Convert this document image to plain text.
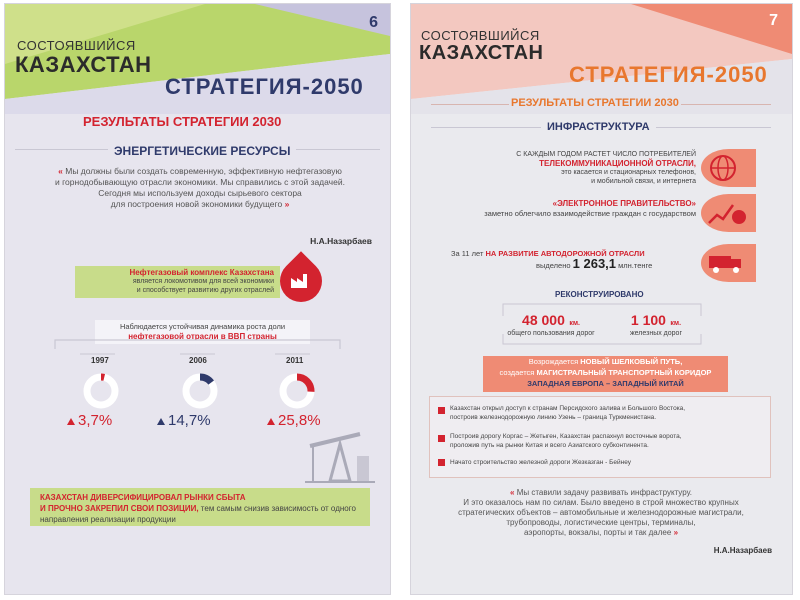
6
СОСТОЯВШИЙСЯ
КАЗАХСТАН
СТРАТЕГИЯ-2050
РЕЗУЛЬТАТЫ СТРАТЕГИИ 2030
ЭНЕРГЕТИЧЕСКИЕ РЕСУРСЫ
« Мы должны были создать современную, эффективную нефтегазовую
и горнодобывающую отрасли экономики. Мы справились с этой задачей.
Сегодня мы используем доходы сырьевого сектора
для построения новой экономики будущего »
Н.А.Назарбаев
Нефтегазовый комплекс Казахстана
является локомотивом для всей экономики
и способствует развитию других отраслей
Наблюдается устойчивая динамика роста доли
нефтегазовой отрасли в ВВП страны
1997	2006	2011
3,7%	14,7%	25,8%
КАЗАХСТАН ДИВЕРСИФИЦИРОВАЛ РЫНКИ СБЫТА
И ПРОЧНО ЗАКРЕПИЛ СВОИ ПОЗИЦИИ, тем самым снизив зависимость от одного
направления реализации продукции
7
СОСТОЯВШИЙСЯ
КАЗАХСТАН
СТРАТЕГИЯ-2050
РЕЗУЛЬТАТЫ СТРАТЕГИИ 2030
ИНФРАСТРУКТУРА
С КАЖДЫМ ГОДОМ РАСТЕТ ЧИСЛО ПОТРЕБИТЕЛЕЙ
ТЕЛЕКОММУНИКАЦИОННОЙ ОТРАСЛИ,
это касается и стационарных телефонов,
и мобильной связи, и интернета
«ЭЛЕКТРОННОЕ ПРАВИТЕЛЬСТВО»
заметно облегчило взаимодействие граждан с государством
За 11 лет НА РАЗВИТИЕ АВТОДОРОЖНОЙ ОТРАСЛИ
выделено 1 263,1 млн.тенге
РЕКОНСТРУИРОВАНО
48 000 км.
общего пользования дорог
1 100 км.
железных дорог
Возрождается НОВЫЙ ШЕЛКОВЫЙ ПУТЬ,
создается МАГИСТРАЛЬНЫЙ ТРАНСПОРТНЫЙ КОРИДОР
ЗАПАДНАЯ ЕВРОПА – ЗАПАДНЫЙ КИТАЙ
Казахстан открыл доступ к странам Персидского залива и Большого Востока,
построив железнодорожную линию Узень – граница Туркменистана.
Построив дорогу Коргас – Жетыген, Казахстан распахнул восточные ворота,
проложив путь на рынки Китая и всего Азиатского субконтинента.
Начато строительство железной дороги Жезказган - Бейнеу
« Мы ставили задачу развивать инфраструктуру.
И это оказалось нам по силам. Было введено в строй множество крупных
стратегических объектов – автомобильные и железнодорожные магистрали,
трубопроводы, логистические центры, терминалы,
аэропорты, вокзалы, порты и так далее »
Н.А.Назарбаев
